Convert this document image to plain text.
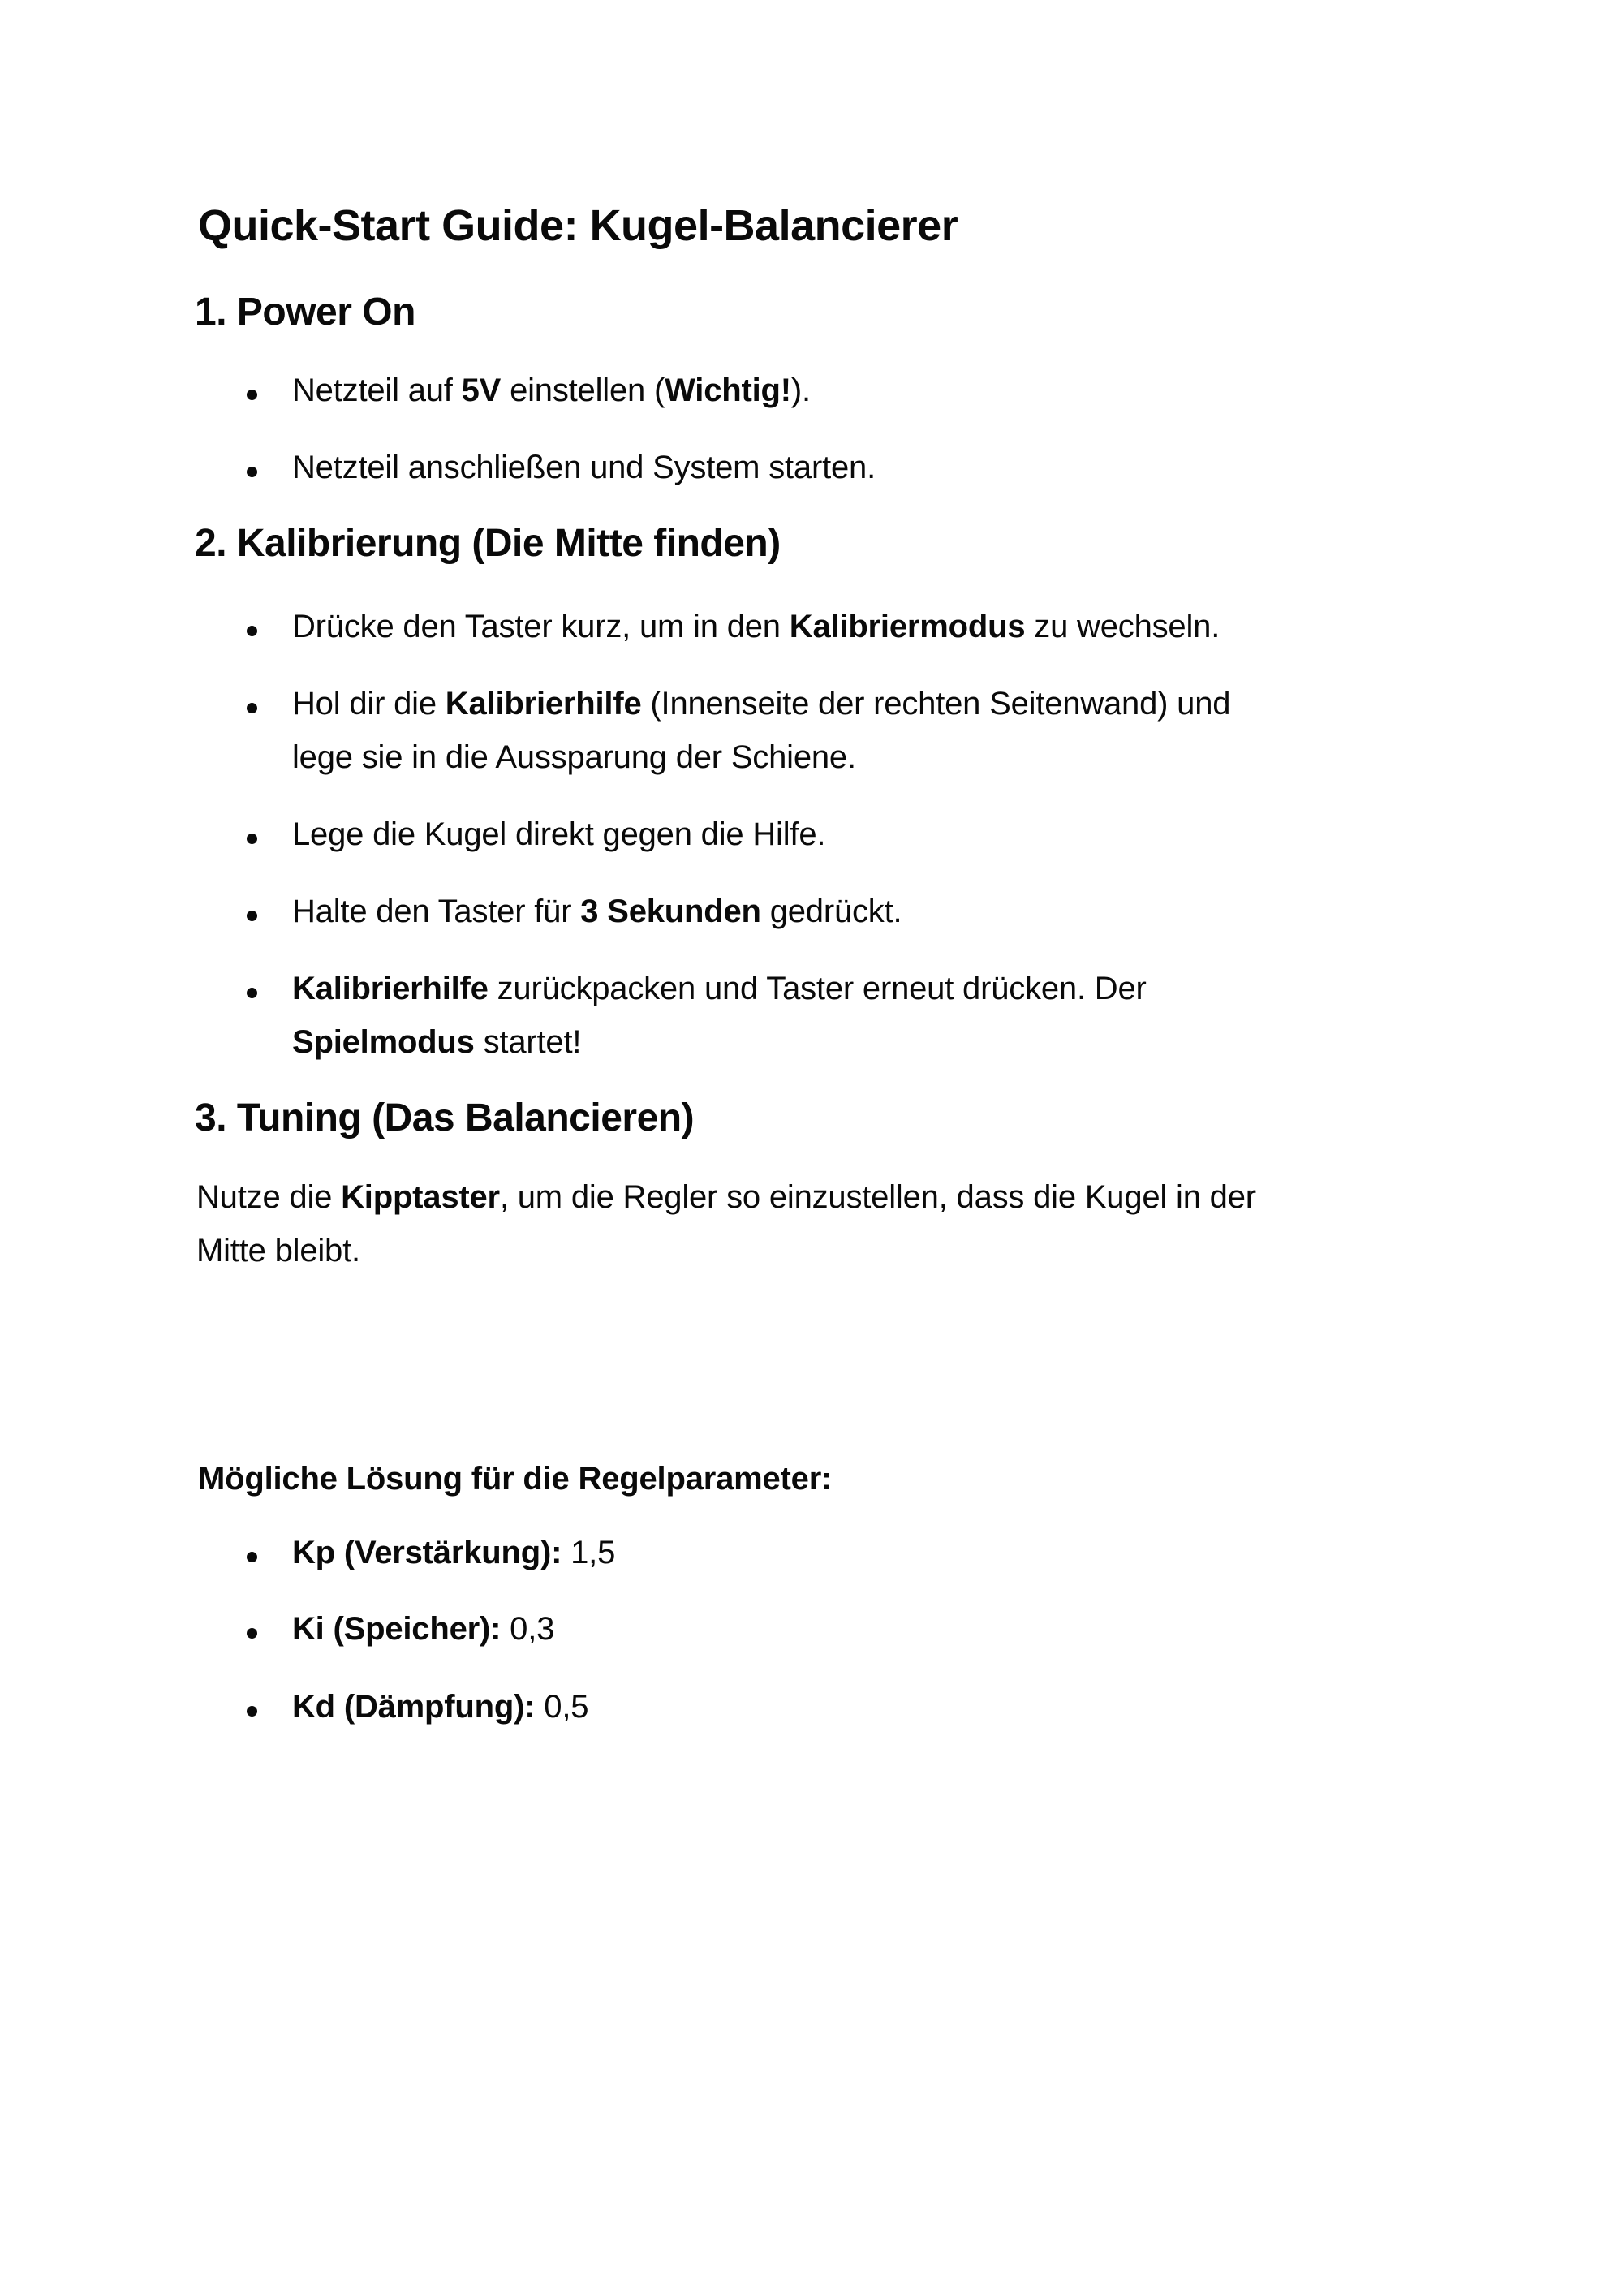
Quick-Start Guide: Kugel-Balancierer
1. Power On
Netzteil auf 5V einstellen (Wichtig!).
Netzteil anschließen und System starten.
2. Kalibrierung (Die Mitte finden)
Drücke den Taster kurz, um in den Kalibriermodus zu wechseln.
Hol dir die Kalibrierhilfe (Innenseite der rechten Seitenwand) und
lege sie in die Aussparung der Schiene.
Lege die Kugel direkt gegen die Hilfe.
Halte den Taster für 3 Sekunden gedrückt.
Kalibrierhilfe zurückpacken und Taster erneut drücken. Der
Spielmodus startet!
3. Tuning (Das Balancieren)
Nutze die Kipptaster, um die Regler so einzustellen, dass die Kugel in der
Mitte bleibt.
Mögliche Lösung für die Regelparameter:
Kp (Verstärkung): 1,5
Ki (Speicher): 0,3
Kd (Dämpfung): 0,5
